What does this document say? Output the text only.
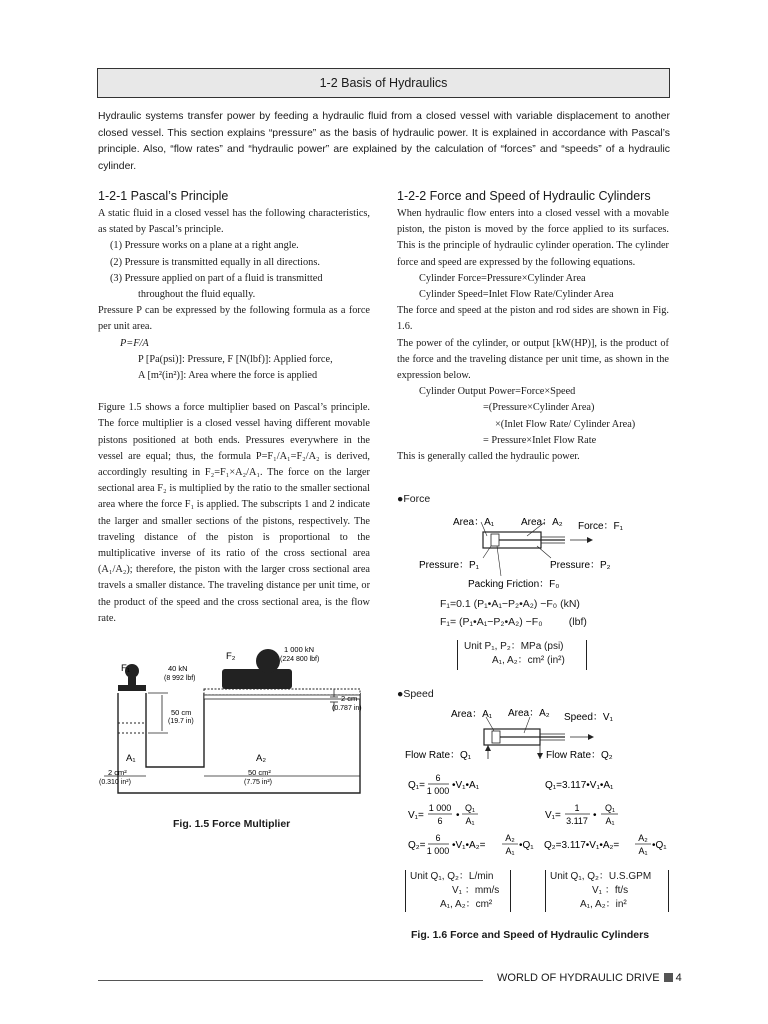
1-2 Basis of Hydraulics
Hydraulic systems transfer power by feeding a hydraulic fluid from a closed vessel with variable displacement to another closed vessel. This section explains “pressure” as the basis of hydraulic power. It is explained in accordance with Pascal’s principle. Also, “flow rates” and “hydraulic power” are explained by the calculation of “forces” and “speeds” of a hydraulic cylinder.
1-2-1 Pascal’s Principle

A static fluid in a closed vessel has the following characteristics, as stated by Pascal’s principle.

(1) Pressure works on a plane at a right angle.
(2) Pressure is transmitted equally in all directions.
(3) Pressure applied on part of a fluid is transmitted
throughout the fluid equally.

Pressure P can be expressed by the following formula as a force per unit area.

P=F/A
P [Pa(psi)]: Pressure, F [N(lbf)]: Applied force,
A [m²(in²)]: Area where the force is applied

Figure 1.5 shows a force multiplier based on Pascal’s principle. The force multiplier is a closed vessel having different movable pistons positioned at both ends. Pressures everywhere in the vessel are equal; thus, the formula P=F₁/A₁=F₂/A₂ is derived, accordingly resulting in F₂=F₁×A₂/A₁. The force on the larger sectional area F₂ is multiplied by the ratio to the smaller sectional area where the force F₁ is applied. The subscripts 1 and 2 indicate the larger and smaller sections of the pistons, respectively. The traveling distance of the piston is proportional to the multiplicative inverse of its ratio of the cross sectional area (A₁/A₂); therefore, the piston with the larger cross sectional area travels a smaller distance. The traveling distance per unit time, or the product of the speed and the cross sectional area, is the flow rate.

F₁
F₂
40 kN
(8 992 lbf)
1 000 kN
(224 800 lbf)
50 cm
(19.7 in)
2 cm
(0.787 in)
A₁	A₂
2 cm²
(0.310 in²)
50 cm²
(7.75 in²)
Fig. 1.5 Force Multiplier
1-2-2 Force and Speed of Hydraulic Cylinders

When hydraulic flow enters into a closed vessel with a movable piston, the piston is moved by the force applied to its surfaces. This is the principle of hydraulic cylinder operation. The cylinder force and speed are expressed by the following equations.

Cylinder Force=Pressure×Cylinder Area
Cylinder Speed=Inlet Flow Rate/Cylinder Area

The force and speed at the piston and rod sides are shown in Fig. 1.6.

The power of the cylinder, or output [kW(HP)], is the product of the force and the traveling distance per unit time, as shown in the expression below.

Cylinder Output Power=Force×Speed
=(Pressure×Cylinder Area)
×(Inlet Flow Rate/ Cylinder Area)
= Pressure×Inlet Flow Rate

This is generally called the hydraulic power.

●Force
Area：A₁	Area：A₂ Force：F₁
Pressure：P₁	Pressure：P₂
Packing Friction：F₀
F₁=0.1 (P₁•A₁−P₂•A₂) −F₀ (kN)
F₁= (P₁•A₁−P₂•A₂) −F₀         (lbf)
Unit P₁, P₂：MPa (psi)
A₁, A₂：cm² (in²)
●Speed
Area：A₁ Area：A₂ Speed：V₁
Flow Rate：Q₁	Flow Rate：Q₂
Q₁=
6
1 000 •V₁•A₁	Q₁=3.117•V₁•A₁
V₁=
1 000
6 •
Q₁
A₁	V₁=
1
3.117 •
Q₁
A₁
Q₂=
6
1 000 •V₁•A₂=
A₂
A₁ •Q₁ Q₂=3.117•V₁•A₂=
A₂
A₁ •Q₁
Unit Q₁, Q₂：L/min
V₁ ：mm/s
A₁, A₂：cm²
Unit Q₁, Q₂：U.S.GPM
V₁ ：ft/s
A₁, A₂：in²
Fig. 1.6 Force and Speed of Hydraulic Cylinders
WORLD OF HYDRAULIC DRIVE 4
